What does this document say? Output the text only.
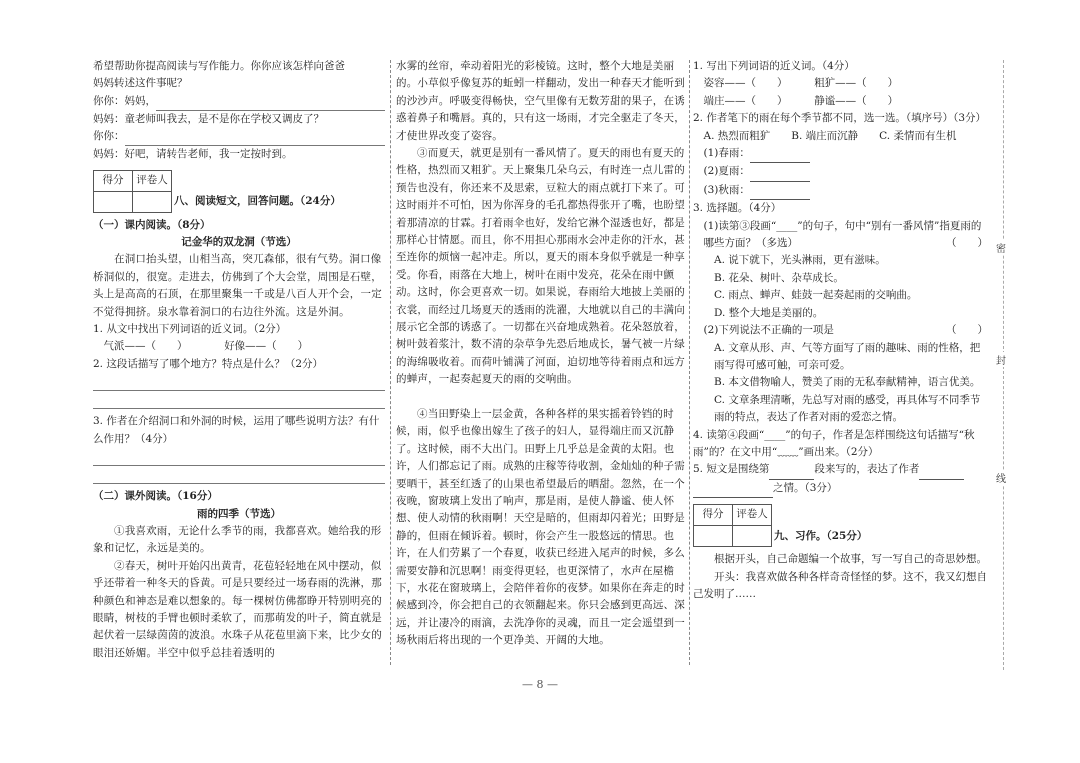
希望帮助你提高阅读与写作能力。你你应该怎样向爸爸

妈妈转述这件事呢？

你你：妈妈，

妈妈：童老师叫我去，是不是你在学校又调皮了？

你你：

妈妈：好吧，请转告老师，我一定按时到。

得分	评卷人

八、阅读短文，回答问题。（24分）

（一）课内阅读。（8分）

记金华的双龙洞（节选）

在洞口抬头望，山相当高，突兀森郁，很有气势。洞口像桥洞似的，很宽。走进去，仿佛到了个大会堂，周围是石壁，头上是高高的石顶，在那里聚集一千或是八百人开个会，一定不觉得拥挤。泉水靠着洞口的右边往外流。这是外洞。

1. 从文中找出下列词语的近义词。（2分）

气派——（　　）	好像——（　　）

2. 这段话描写了哪个地方？特点是什么？（2分）

3. 作者在介绍洞口和外洞的时候，运用了哪些说明方法？有什么作用？（4分）

（二）课外阅读。（16分）

雨的四季（节选）

①我喜欢雨，无论什么季节的雨，我都喜欢。她给我的形象和记忆，永远是美的。

②春天，树叶开始闪出黄青，花苞轻轻地在风中摆动，似乎还带着一种冬天的昏黄。可是只要经过一场春雨的洗淋，那种颜色和神态是难以想象的。每一棵树仿佛都睁开特别明亮的眼睛，树枝的手臂也顿时柔软了，而那萌发的叶子，简直就是起伏着一层绿茵茵的波浪。水珠子从花苞里滴下来，比少女的眼泪还娇媚。半空中似乎总挂着透明的

水雾的丝帘，牵动着阳光的彩棱镜。这时，整个大地是美丽的。小草似乎像复苏的蚯蚓一样翻动，发出一种春天才能听到的沙沙声。呼吸变得畅快，空气里像有无数芳甜的果子，在诱惑着鼻子和嘴唇。真的，只有这一场雨，才完全驱走了冬天，才使世界改变了姿容。

③而夏天，就更是别有一番风情了。夏天的雨也有夏天的性格，热烈而又粗犷。天上聚集几朵乌云，有时连一点儿雷的预告也没有，你还来不及思索，豆粒大的雨点就打下来了。可这时雨并不可怕，因为你浑身的毛孔都热得张开了嘴，也盼望着那清凉的甘霖。打着雨伞也好，发给它淋个湿透也好，都是那样心甘情愿。而且，你不用担心那雨水会冲走你的汗水，甚至连你的烦恼一起冲走。所以，夏天的雨本身似乎就是一种享受。你看，雨落在大地上，树叶在雨中发亮，花朵在雨中颤动。这时，你会更喜欢一切。如果说，春雨给大地披上美丽的衣裳，而经过几场夏天的透雨的洗濯，大地就以自己的丰满向展示它全部的诱惑了。一切都在兴奋地成熟着。花朵怒放着，树叶鼓着浆汁，数不清的杂草争先恐后地成长，暑气被一片绿的海绵吸收着。而荷叶铺满了河面，迫切地等待着雨点和远方的蝉声，一起奏起夏天的雨的交响曲。

④当田野染上一层金黄，各种各样的果实摇着铃铛的时候，雨，似乎也像出嫁生了孩子的妇人，显得端庄而又沉静了。这时候，雨不大出门。田野上几乎总是金黄的太阳。也许，人们都忘记了雨。成熟的庄稼等待收割，金灿灿的种子需要晒干，甚至红透了的山果也希望最后的晒甜。忽然，在一个夜晚，窗玻璃上发出了响声，那是雨，是使人静谧、使人怀想、使人动情的秋雨啊！天空是暗的，但雨却闪着光；田野是静的，但雨在倾诉着。顿时，你会产生一股悠远的情思。也许，在人们劳累了一个春夏，收获已经进入尾声的时候，多么需要安静和沉思啊！雨变得更轻，也更深情了，水声在屋檐下，水花在窗玻璃上，会陪伴着你的夜梦。如果你在奔走的时候感到冷，你会把自己的衣领翻起来。你只会感到更高远、深远，并让凄冷的雨滴，去洗净你的灵魂，而且一定会遥望到一场秋雨后将出现的一个更净美、开阔的大地。

1. 写出下列词语的近义词。（4分）

姿容——（　　）	粗犷——（　　）

端庄——（　　）	静谧——（　　）

2. 作者笔下的雨在每个季节都不同，选一选。（填序号）（3分）

A. 热烈而粗犷　　B. 端庄而沉静　　C. 柔情而有生机

(1)春雨：

(2)夏雨：

(3)秋雨：

3. 选择题。（4分）

(1)读第③段画“____”的句子，句中“别有一番风情”指夏雨的哪些方面？（多选）	（　　）

A. 说下就下，光头淋雨，更有滋味。

B. 花朵、树叶、杂草成长。

C. 雨点、蝉声、蛙鼓一起奏起雨的交响曲。

D. 整个大地是美丽的。

(2)下列说法不正确的一项是	（　　）

A. 文章从形、声、气等方面写了雨的趣味、雨的性格，把雨写得可感可触，可亲可爱。

B. 本文借物喻人，赞美了雨的无私奉献精神，语言优美。

C. 文章条理清晰，先总写对雨的感受，再具体写不同季节雨的特点，表达了作者对雨的爱恋之情。

4. 读第④段画“____”的句子，作者是怎样围绕这句话描写“秋雨”的？在文中用“﹏﹏”画出来。（2分）

5. 短文是围绕第	段来写的，表达了作者

之情。（3分）

得分	评卷人

九、习作。（25分）

根据开头，自己命题编一个故事，写一写自己的奇思妙想。

开头：我喜欢做各种各样奇奇怪怪的梦。这不，我又幻想自己发明了……

密
封
线
— 8 —
